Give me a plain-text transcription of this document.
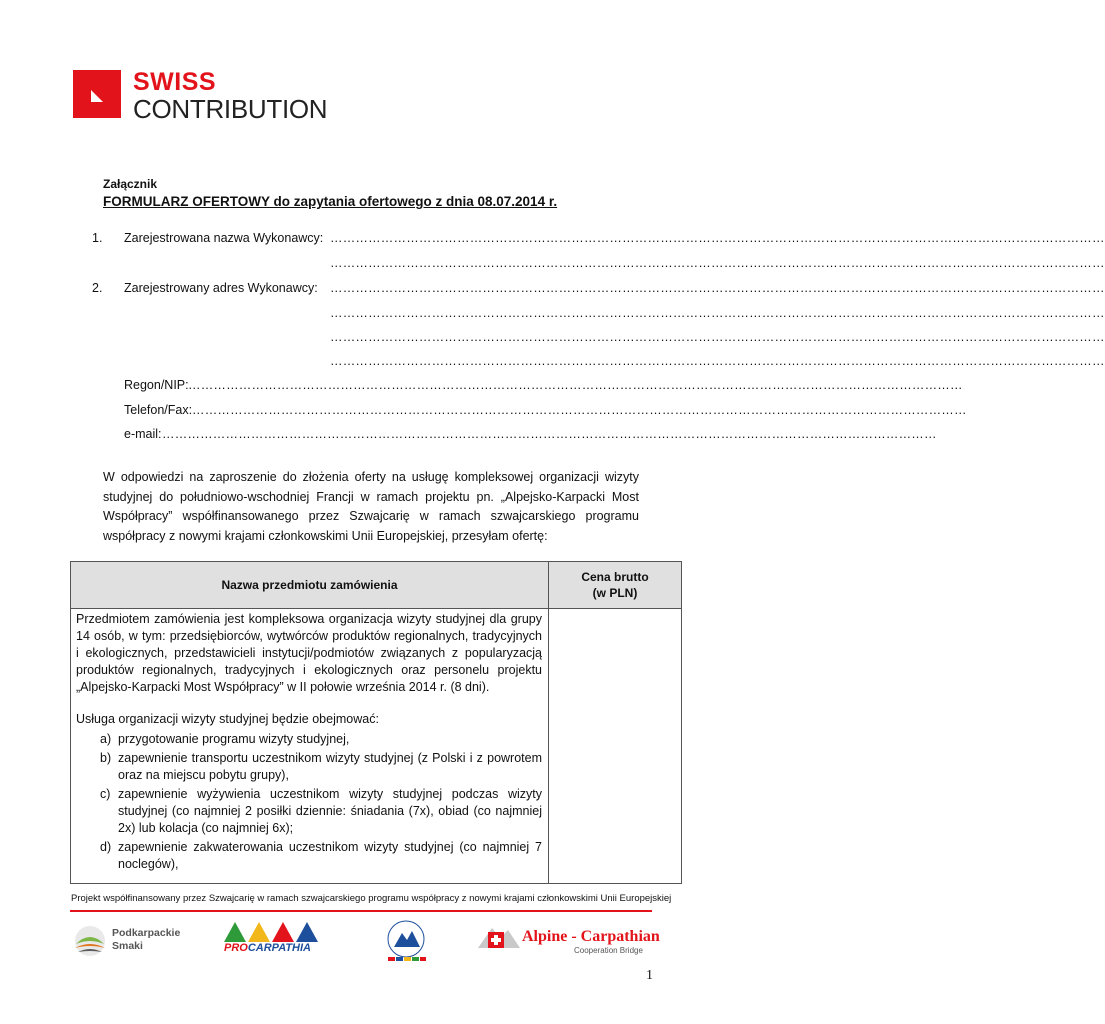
SWISS
CONTRIBUTION
Załącznik
FORMULARZ OFERTOWY do zapytania ofertowego z dnia 08.07.2014 r.
1. Zarejestrowana nazwa Wykonawcy: …………………………………………………………………………………………………………………………………………………………………
…………………………………………………………………………………………………………………………………………………………………
2. Zarejestrowany adres Wykonawcy: …………………………………………………………………………………………………………………………………………………………………
…………………………………………………………………………………………………………………………………………………………………
…………………………………………………………………………………………………………………………………………………………………
…………………………………………………………………………………………………………………………………………………………………
Regon/NIP: …………………………………………………………………………………………………………………………………………………………………
Telefon/Fax: …………………………………………………………………………………………………………………………………………………………………
e-mail: …………………………………………………………………………………………………………………………………………………………………
W odpowiedzi na zaproszenie do złożenia oferty na usługę kompleksowej organizacji wizyty studyjnej do południowo-wschodniej Francji w ramach projektu pn. „Alpejsko-Karpacki Most Współpracy” współfinansowanego przez Szwajcarię w ramach szwajcarskiego programu współpracy z nowymi krajami członkowskimi Unii Europejskiej, przesyłam ofertę:
Nazwa przedmiotu zamówienia
Cena brutto
(w PLN)

Przedmiotem zamówienia jest kompleksowa organizacja wizyty studyjnej dla grupy 14 osób, w tym: przedsiębiorców, wytwórców produktów regionalnych, tradycyjnych i ekologicznych, przedstawicieli instytucji/podmiotów związanych z popularyzacją produktów regionalnych, tradycyjnych i ekologicznych oraz personelu projektu „Alpejsko-Karpacki Most Współpracy” w II połowie września 2014 r. (8 dni).

Usługa organizacji wizyty studyjnej będzie obejmować:

a) przygotowanie programu wizyty studyjnej,
b) zapewnienie transportu uczestnikom wizyty studyjnej (z Polski i z powrotem oraz na miejscu pobytu grupy),
c) zapewnienie wyżywienia uczestnikom wizyty studyjnej podczas wizyty studyjnej (co najmniej 2 posiłki dziennie: śniadania (7x), obiad (co najmniej 2x) lub kolacja (co najmniej 6x);
d) zapewnienie zakwaterowania uczestnikom wizyty studyjnej (co najmniej 7 noclegów),
Projekt współfinansowany przez Szwajcarię w ramach szwajcarskiego programu współpracy z nowymi krajami członkowskimi Unii Europejskiej
Podkarpackie
Smaki	PROCARPATHIA
Alpine - Carpathian
Cooperation Bridge
1
